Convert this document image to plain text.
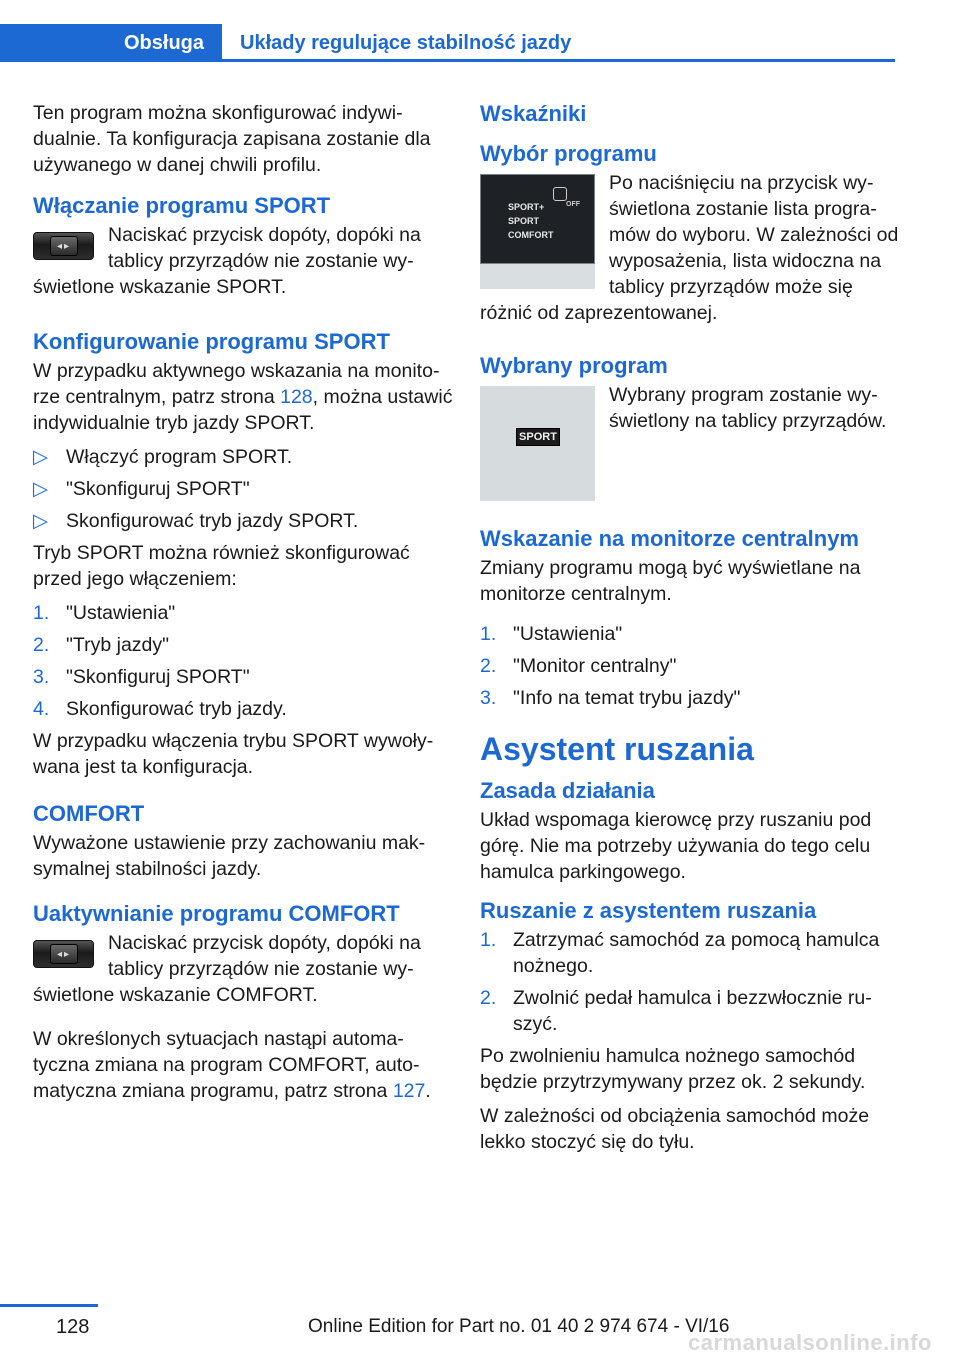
Obsługa	Układy regulujące stabilność jazdy

Ten program można skonfigurować indywidualnie. Ta konfiguracja zapisana zostanie dla używanego w danej chwili profilu.

Włączanie programu SPORT
◂▸	Naciskać przycisk dopóty, dopóki na tablicy przyrządów nie zostanie wyświetlone wskazanie SPORT.

Konfigurowanie programu SPORT

W przypadku aktywnego wskazania na monitorze centralnym, patrz strona 128, można ustawić indywidualnie tryb jazdy SPORT.

▷ Włączyć program SPORT.
▷ "Skonfiguruj SPORT"
▷ Skonfigurować tryb jazdy SPORT.

Tryb SPORT można również skonfigurować przed jego włączeniem:

1. "Ustawienia"
2. "Tryb jazdy"
3. "Skonfiguruj SPORT"
4. Skonfigurować tryb jazdy.

W przypadku włączenia trybu SPORT wywoływana jest ta konfiguracja.

COMFORT

Wyważone ustawienie przy zachowaniu maksymalnej stabilności jazdy.

Uaktywnianie programu COMFORT
◂▸	Naciskać przycisk dopóty, dopóki na tablicy przyrządów nie zostanie wyświetlone wskazanie COMFORT.

W określonych sytuacjach nastąpi automatyczna zmiana na program COMFORT, automatyczna zmiana programu, patrz strona 127.

Wskaźniki
Wybór programu
SPORT+
SPORT
COMFORT
OFF

Po naciśnięciu na przycisk wyświetlona zostanie lista programów do wyboru. W zależności od wyposażenia, lista widoczna na tablicy przyrządów może się różnić od zaprezentowanej.

Wybrany program
SPORT

Wybrany program zostanie wyświetlony na tablicy przyrządów.

Wskazanie na monitorze centralnym

Zmiany programu mogą być wyświetlane na monitorze centralnym.

1. "Ustawienia"
2. "Monitor centralny"
3. "Info na temat trybu jazdy"
Asystent ruszania
Zasada działania

Układ wspomaga kierowcę przy ruszaniu pod górę. Nie ma potrzeby używania do tego celu hamulca parkingowego.

Ruszanie z asystentem ruszania
1. Zatrzymać samochód za pomocą hamulca nożnego.
2. Zwolnić pedał hamulca i bezzwłocznie ruszyć.

Po zwolnieniu hamulca nożnego samochód będzie przytrzymywany przez ok. 2 sekundy.

W zależności od obciążenia samochód może lekko stoczyć się do tyłu.

128	Online Edition for Part no. 01 40 2 974 674 - VI/16
carmanualsonline.info
